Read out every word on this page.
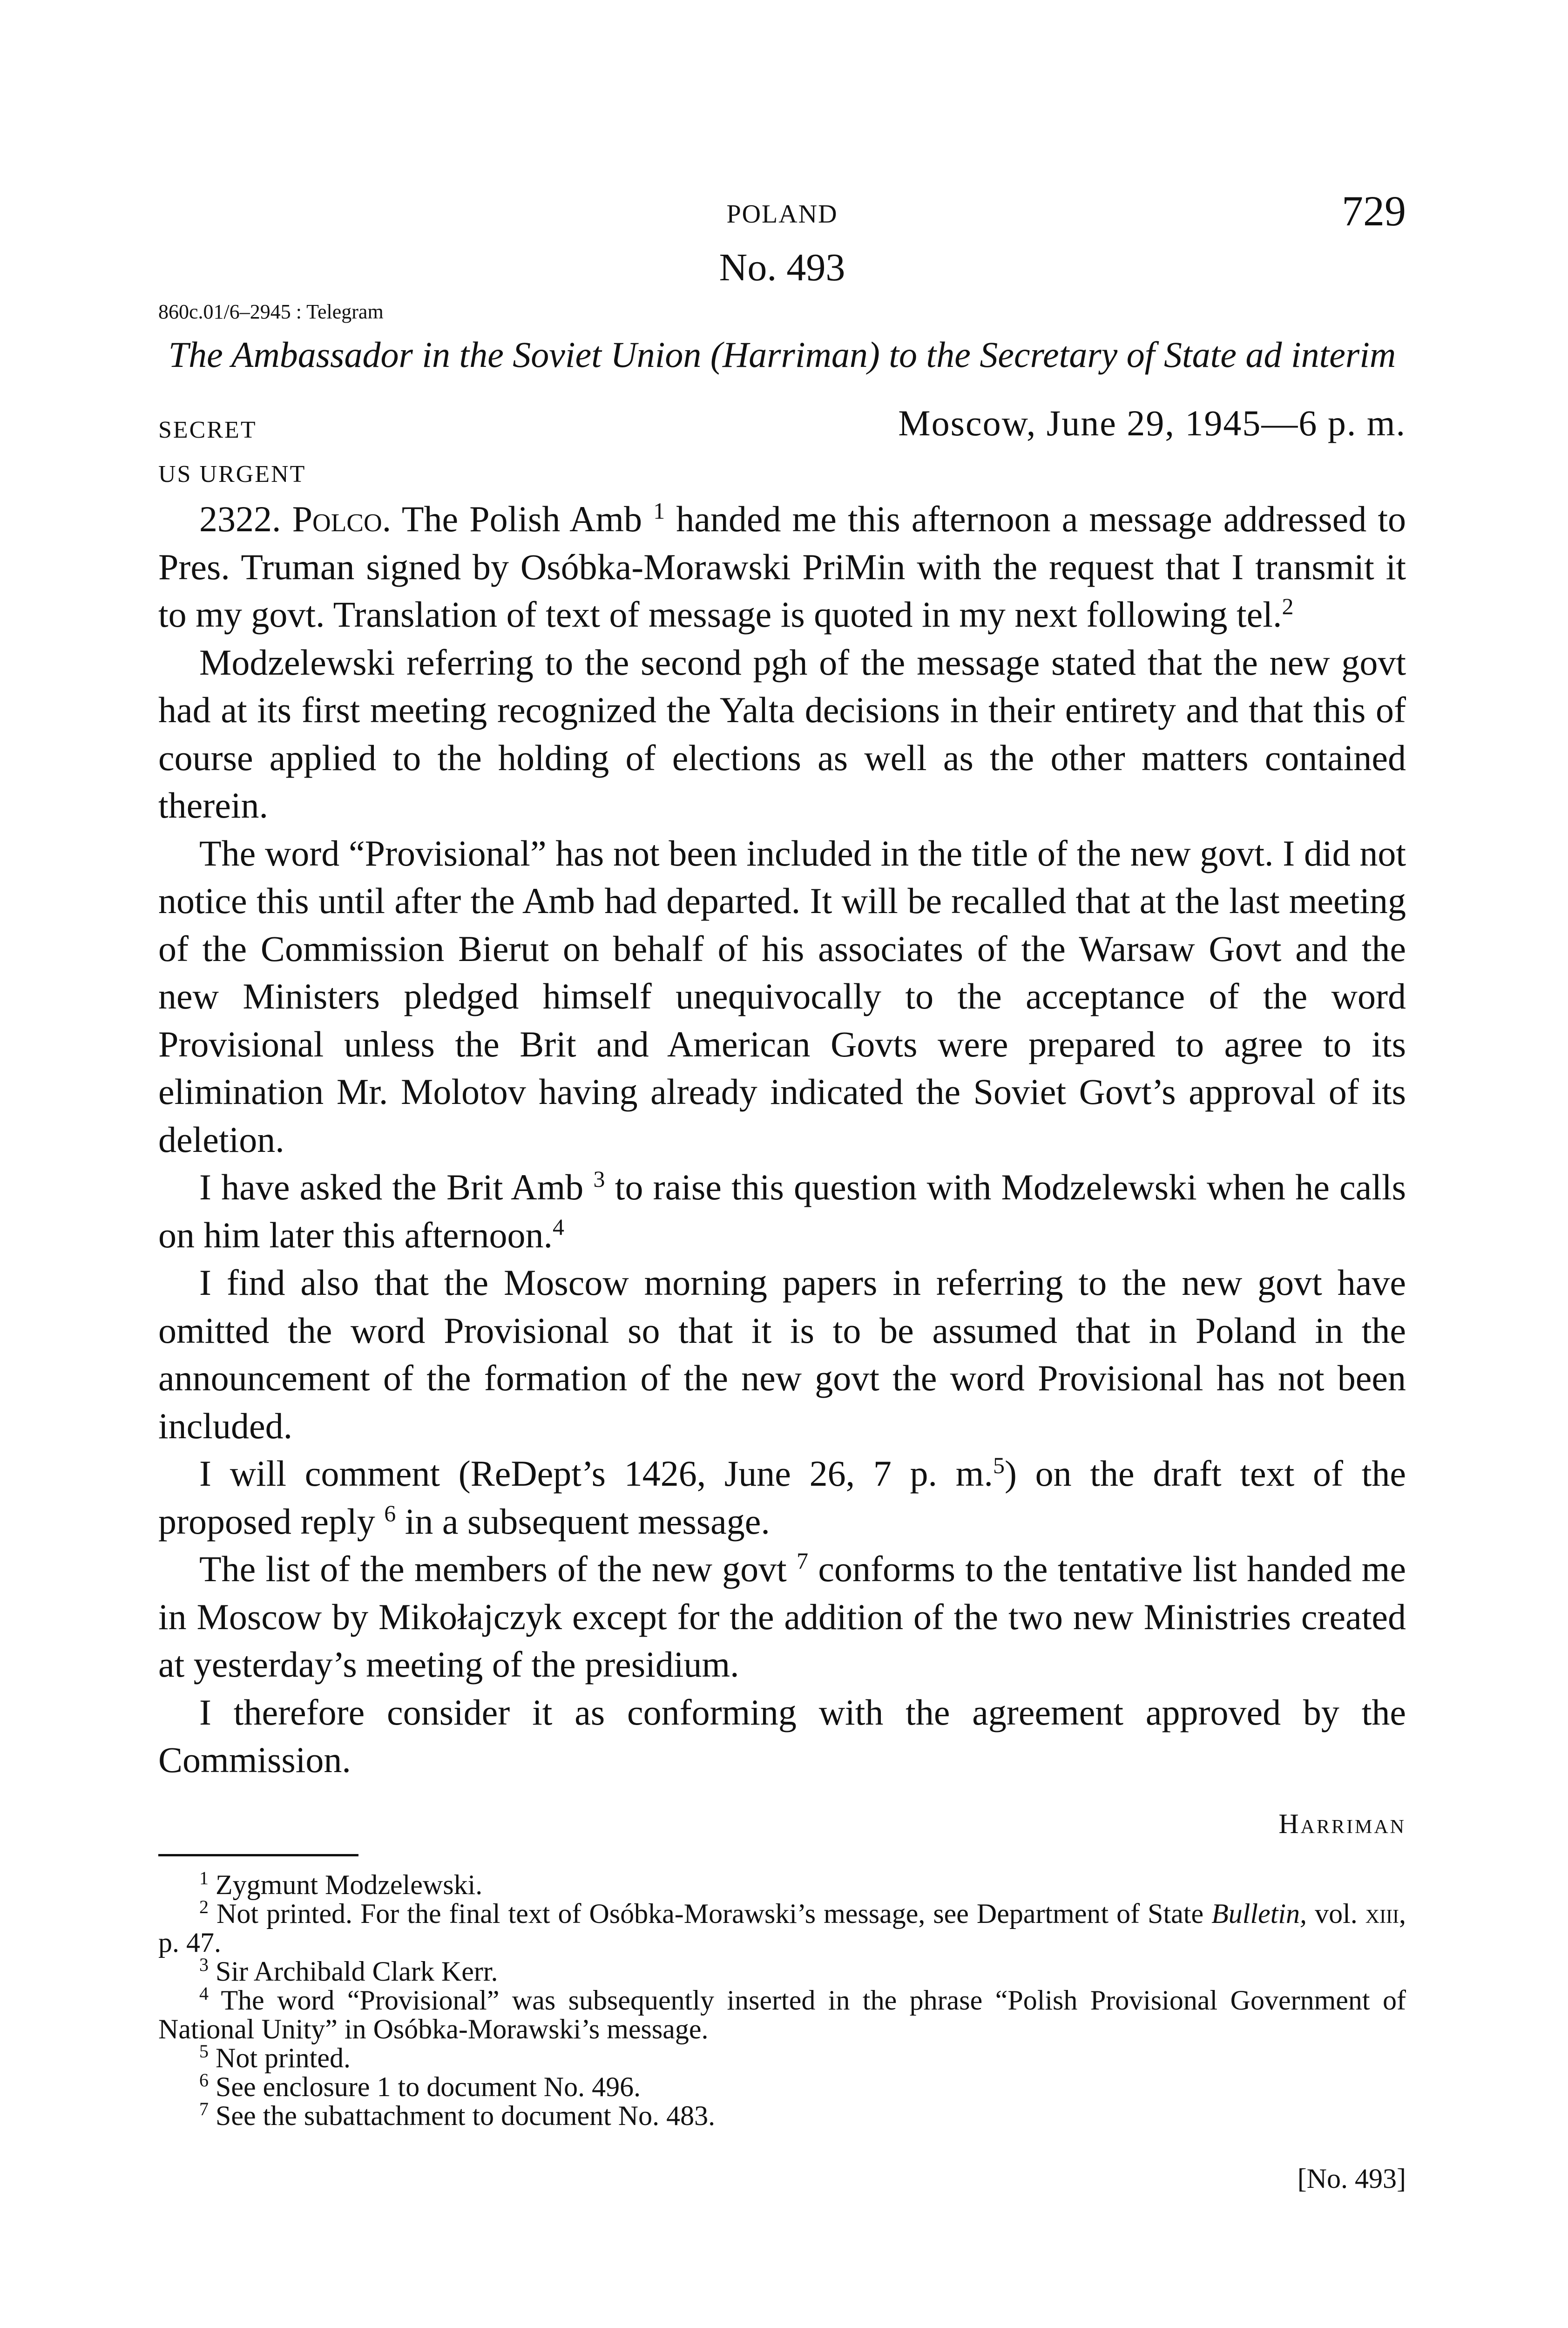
POLAND	729
No. 493
860c.01/6–2945 : Telegram
The Ambassador in the Soviet Union (Harriman) to the Secretary of State ad interim
SECRET	Moscow, June 29, 1945—6 p. m.
US URGENT

2322. Polco. The Polish Amb $^1$ handed me this afternoon a message addressed to Pres. Truman signed by Osóbka-Morawski PriMin with the request that I transmit it to my govt. Translation of text of message is quoted in my next following tel.$^2$

Modzelewski referring to the second pgh of the message stated that the new govt had at its first meeting recognized the Yalta decisions in their entirety and that this of course applied to the holding of elections as well as the other matters contained therein.

The word “Provisional” has not been included in the title of the new govt. I did not notice this until after the Amb had departed. It will be recalled that at the last meeting of the Commission Bierut on behalf of his associates of the Warsaw Govt and the new Ministers pledged himself unequivocally to the acceptance of the word Provisional unless the Brit and American Govts were prepared to agree to its elimination Mr. Molotov having already indicated the Soviet Govt’s approval of its deletion.

I have asked the Brit Amb $^3$ to raise this question with Modzelewski when he calls on him later this afternoon.$^4$

I find also that the Moscow morning papers in referring to the new govt have omitted the word Provisional so that it is to be assumed that in Poland in the announcement of the formation of the new govt the word Provisional has not been included.

I will comment (ReDept’s 1426, June 26, 7 p. m.$^5$) on the draft text of the proposed reply $^6$ in a subsequent message.

The list of the members of the new govt $^7$ conforms to the tentative list handed me in Moscow by Mikołajczyk except for the addition of the two new Ministries created at yesterday’s meeting of the presidium.

I therefore consider it as conforming with the agreement approved by the Commission.

Harriman

$^1$ Zygmunt Modzelewski.

$^2$ Not printed. For the final text of Osóbka-Morawski’s message, see Department of State Bulletin, vol. xiii, p. 47.

$^3$ Sir Archibald Clark Kerr.

$^4$ The word “Provisional” was subsequently inserted in the phrase “Polish Provisional Government of National Unity” in Osóbka-Morawski’s message.

$^5$ Not printed.

$^6$ See enclosure 1 to document No. 496.

$^7$ See the subattachment to document No. 483.

[No. 493]
